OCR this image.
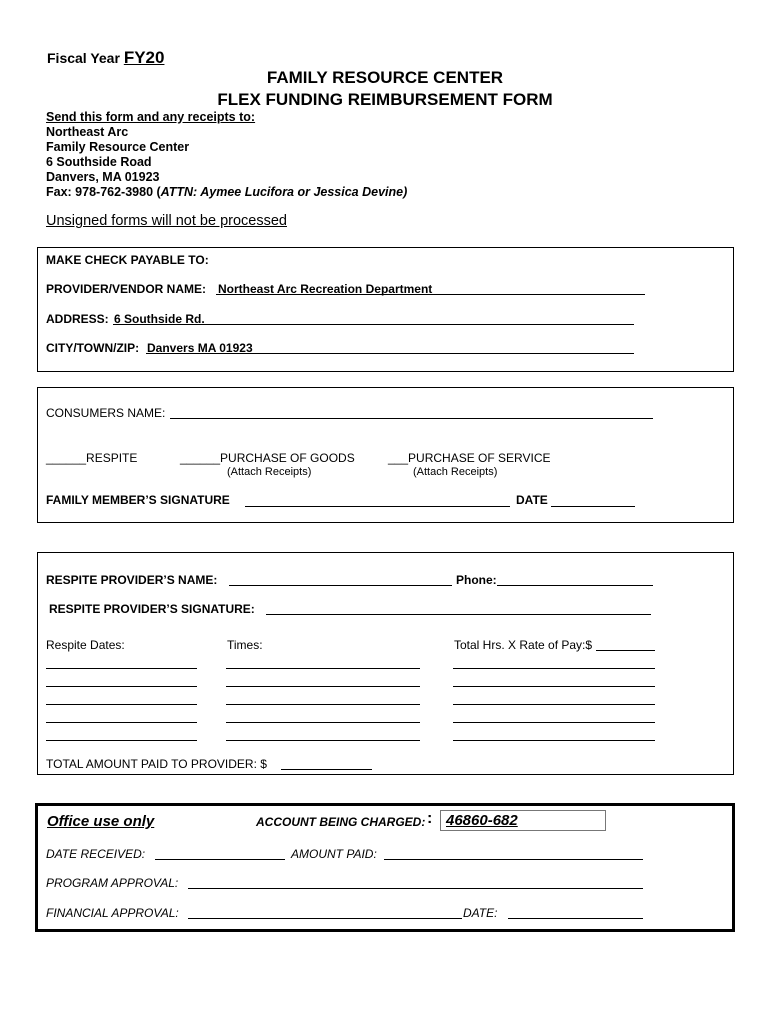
Fiscal Year FY20
FAMILY RESOURCE CENTER
FLEX FUNDING REIMBURSEMENT FORM
Send this form and any receipts to:
Northeast Arc
Family Resource Center
6 Southside Road
Danvers, MA 01923
Fax: 978-762-3980 (ATTN: Aymee Lucifora or Jessica Devine)
Unsigned forms will not be processed
MAKE CHECK PAYABLE TO:
PROVIDER/VENDOR NAME: Northeast Arc Recreation Department
ADDRESS: 6 Southside Rd.
CITY/TOWN/ZIP: Danvers MA 01923
CONSUMERS NAME:
______RESPITE	______PURCHASE OF GOODS
(Attach Receipts)
___PURCHASE OF SERVICE
(Attach Receipts)
FAMILY MEMBER’S SIGNATURE	DATE
RESPITE PROVIDER’S NAME:	Phone:
RESPITE PROVIDER’S SIGNATURE:
Respite Dates:	Times:	Total Hrs. X Rate of Pay:$
TOTAL AMOUNT PAID TO PROVIDER: $
Office use only	ACCOUNT BEING CHARGED: : 46860-682
DATE RECEIVED:	AMOUNT PAID:
PROGRAM APPROVAL:
FINANCIAL APPROVAL:	DATE:
